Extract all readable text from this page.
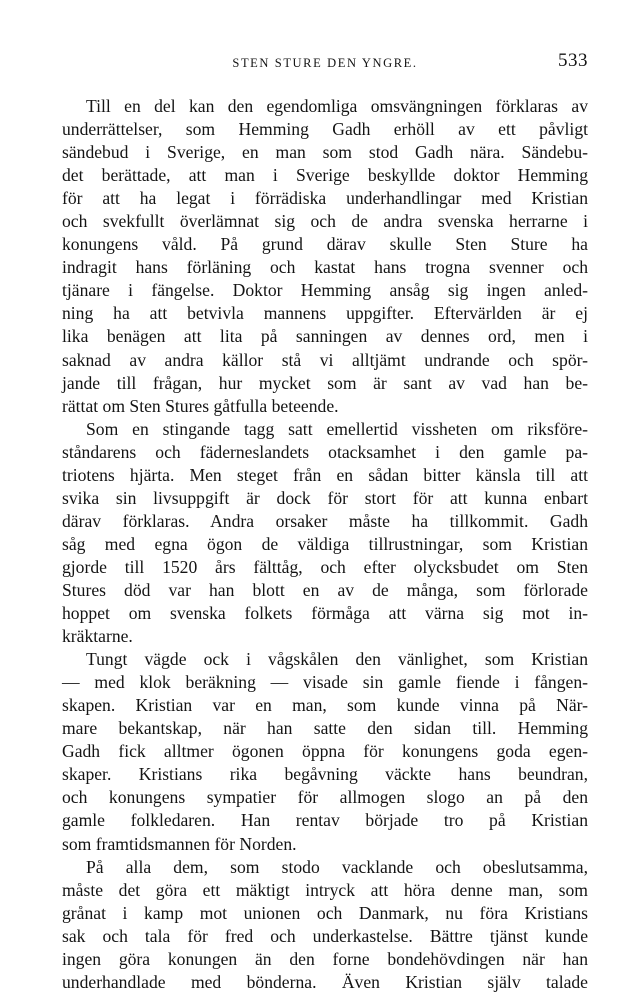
STEN STURE DEN YNGRE.	533
Till en del kan den egendomliga omsvängningen förklaras av
underrättelser, som Hemming Gadh erhöll av ett påvligt
sändebud i Sverige, en man som stod Gadh nära. Sändebu-
det berättade, att man i Sverige beskyllde doktor Hemming
för att ha legat i förrädiska underhandlingar med Kristian
och svekfullt överlämnat sig och de andra svenska herrarne i
konungens våld. På grund därav skulle Sten Sture ha
indragit hans förläning och kastat hans trogna svenner och
tjänare i fängelse. Doktor Hemming ansåg sig ingen anled-
ning ha att betvivla mannens uppgifter. Eftervärlden är ej
lika benägen att lita på sanningen av dennes ord, men i
saknad av andra källor stå vi alltjämt undrande och spör-
jande till frågan, hur mycket som är sant av vad han be-
rättat om Sten Stures gåtfulla beteende.
Som en stingande tagg satt emellertid vissheten om riksföre-
ståndarens och fäderneslandets otacksamhet i den gamle pa-
triotens hjärta. Men steget från en sådan bitter känsla till att
svika sin livsuppgift är dock för stort för att kunna enbart
därav förklaras. Andra orsaker måste ha tillkommit. Gadh
såg med egna ögon de väldiga tillrustningar, som Kristian
gjorde till 1520 års fälttåg, och efter olycksbudet om Sten
Stures död var han blott en av de många, som förlorade
hoppet om svenska folkets förmåga att värna sig mot in-
kräktarne.
Tungt vägde ock i vågskålen den vänlighet, som Kristian
— med klok beräkning — visade sin gamle fiende i fången-
skapen. Kristian var en man, som kunde vinna på När-
mare bekantskap, när han satte den sidan till. Hemming
Gadh fick alltmer ögonen öppna för konungens goda egen-
skaper. Kristians rika begåvning väckte hans beundran,
och konungens sympatier för allmogen slogo an på den
gamle folkledaren. Han rentav började tro på Kristian
som framtidsmannen för Norden.
På alla dem, som stodo vacklande och obeslutsamma,
måste det göra ett mäktigt intryck att höra denne man, som
grånat i kamp mot unionen och Danmark, nu föra Kristians
sak och tala för fred och underkastelse. Bättre tjänst kunde
ingen göra konungen än den forne bondehövdingen när han
underhandlade med bönderna. Även Kristian själv talade
